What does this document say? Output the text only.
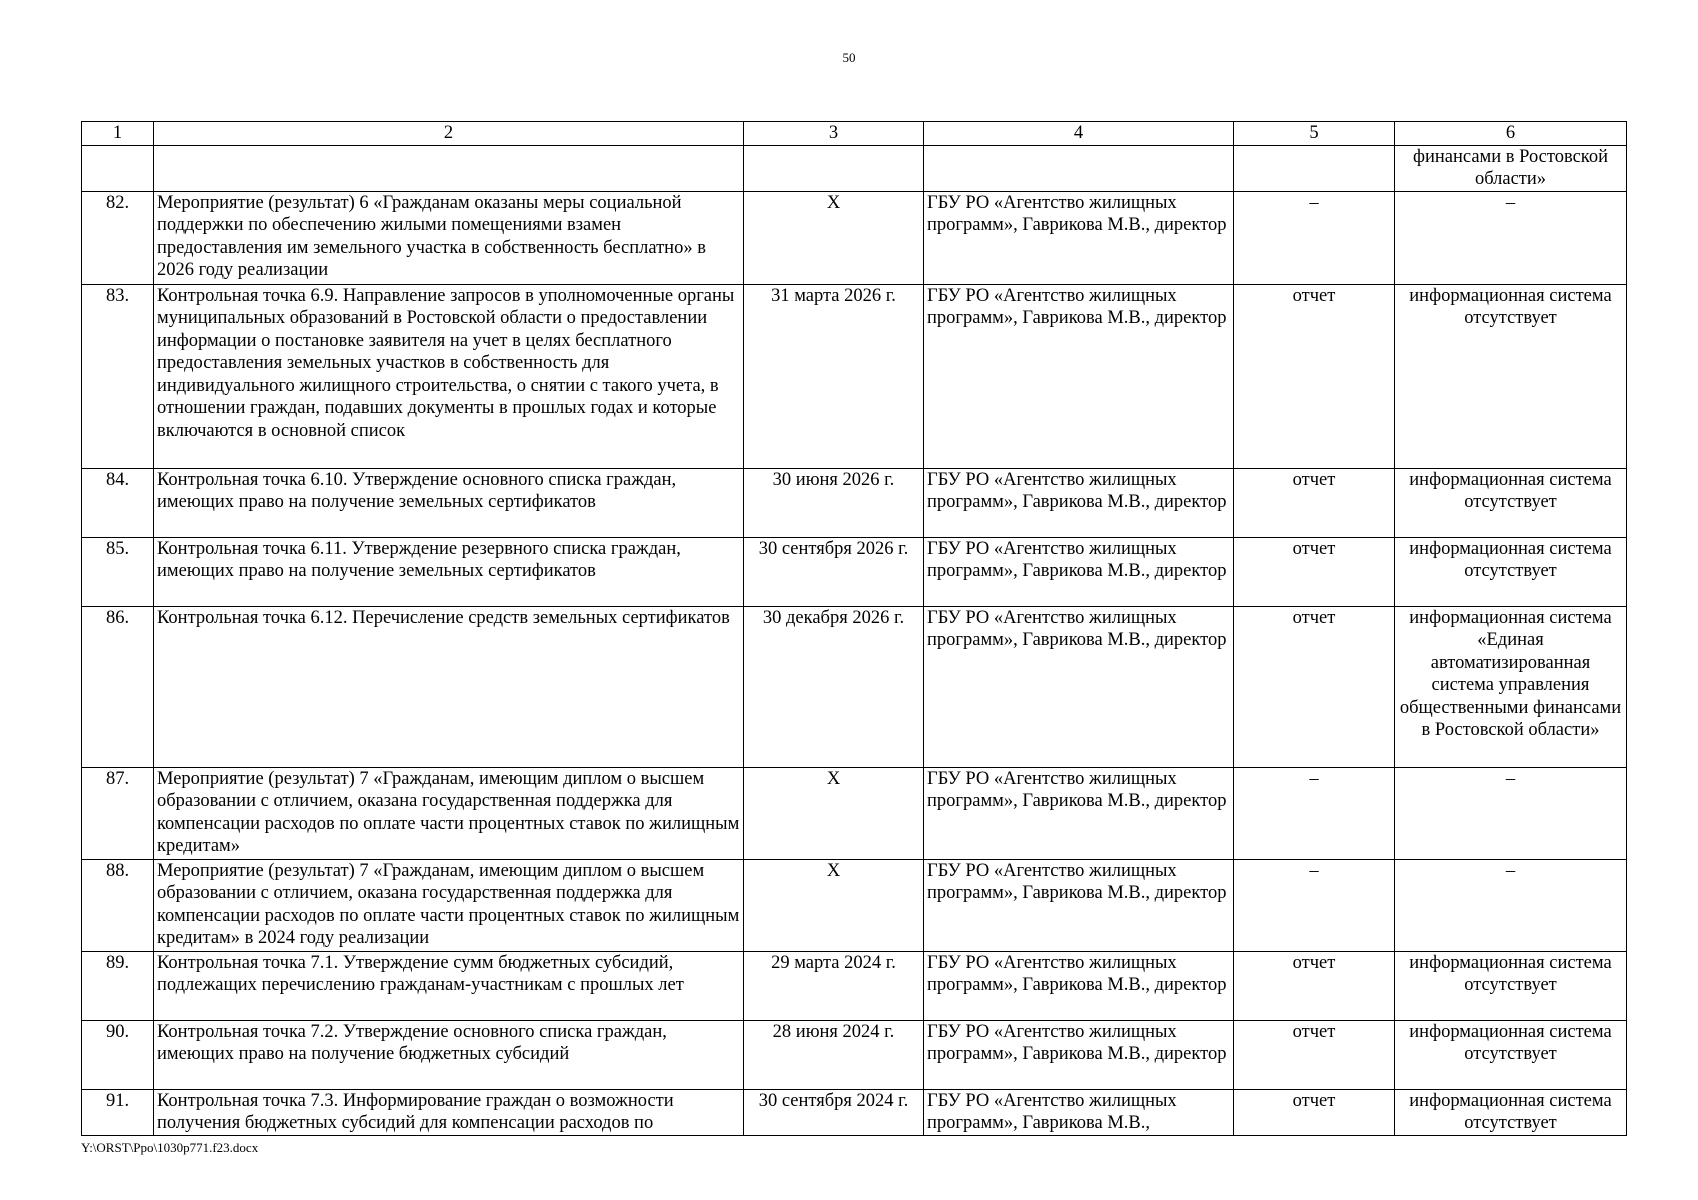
50
1	2	3	4	5	6
					финансами в Ростовской области»
82.	Мероприятие (результат) 6 «Гражданам оказаны меры социальной поддержки по обеспечению жилыми помещениями взамен предоставления им земельного участка в собственность бесплатно» в 2026 году реализации	Х	ГБУ РО «Агентство жилищных программ», Гаврикова М.В., директор	–	–
83.	Контрольная точка 6.9. Направление запросов в уполномоченные органы муниципальных образований в Ростовской области о предоставлении информации о постановке заявителя на учет в целях бесплатного предоставления земельных участков в собственность для индивидуального жилищного строительства, о снятии с такого учета, в отношении граждан, подавших документы в прошлых годах и которые включаются в основной список	31 марта 2026 г.	ГБУ РО «Агентство жилищных программ», Гаврикова М.В., директор	отчет	информационная система отсутствует
84.	Контрольная точка 6.10. Утверждение основного списка граждан, имеющих право на получение земельных сертификатов	30 июня 2026 г.	ГБУ РО «Агентство жилищных программ», Гаврикова М.В., директор	отчет	информационная система отсутствует
85.	Контрольная точка 6.11. Утверждение резервного списка граждан, имеющих право на получение земельных сертификатов	30 сентября 2026 г.	ГБУ РО «Агентство жилищных программ», Гаврикова М.В., директор	отчет	информационная система отсутствует
86.	Контрольная точка 6.12. Перечисление средств земельных сертификатов	30 декабря 2026 г.	ГБУ РО «Агентство жилищных программ», Гаврикова М.В., директор	отчет	информационная система «Единая автоматизированная система управления общественными финансами в Ростовской области»
87.	Мероприятие (результат) 7 «Гражданам, имеющим диплом о высшем образовании с отличием, оказана государственная поддержка для компенсации расходов по оплате части процентных ставок по жилищным кредитам»	Х	ГБУ РО «Агентство жилищных программ», Гаврикова М.В., директор	–	–
88.	Мероприятие (результат) 7 «Гражданам, имеющим диплом о высшем образовании с отличием, оказана государственная поддержка для компенсации расходов по оплате части процентных ставок по жилищным кредитам» в 2024 году реализации	Х	ГБУ РО «Агентство жилищных программ», Гаврикова М.В., директор	–	–
89.	Контрольная точка 7.1. Утверждение сумм бюджетных субсидий, подлежащих перечислению гражданам-участникам с прошлых лет	29 марта 2024 г.	ГБУ РО «Агентство жилищных программ», Гаврикова М.В., директор	отчет	информационная система отсутствует
90.	Контрольная точка 7.2. Утверждение основного списка граждан, имеющих право на получение бюджетных субсидий	28 июня 2024 г.	ГБУ РО «Агентство жилищных программ», Гаврикова М.В., директор	отчет	информационная система отсутствует
91.	Контрольная точка 7.3. Информирование граждан о возможности получения бюджетных субсидий для компенсации расходов по	30 сентября 2024 г.	ГБУ РО «Агентство жилищных программ», Гаврикова М.В.,	отчет	информационная система отсутствует
Y:\ORST\Ppo\1030p771.f23.docx
